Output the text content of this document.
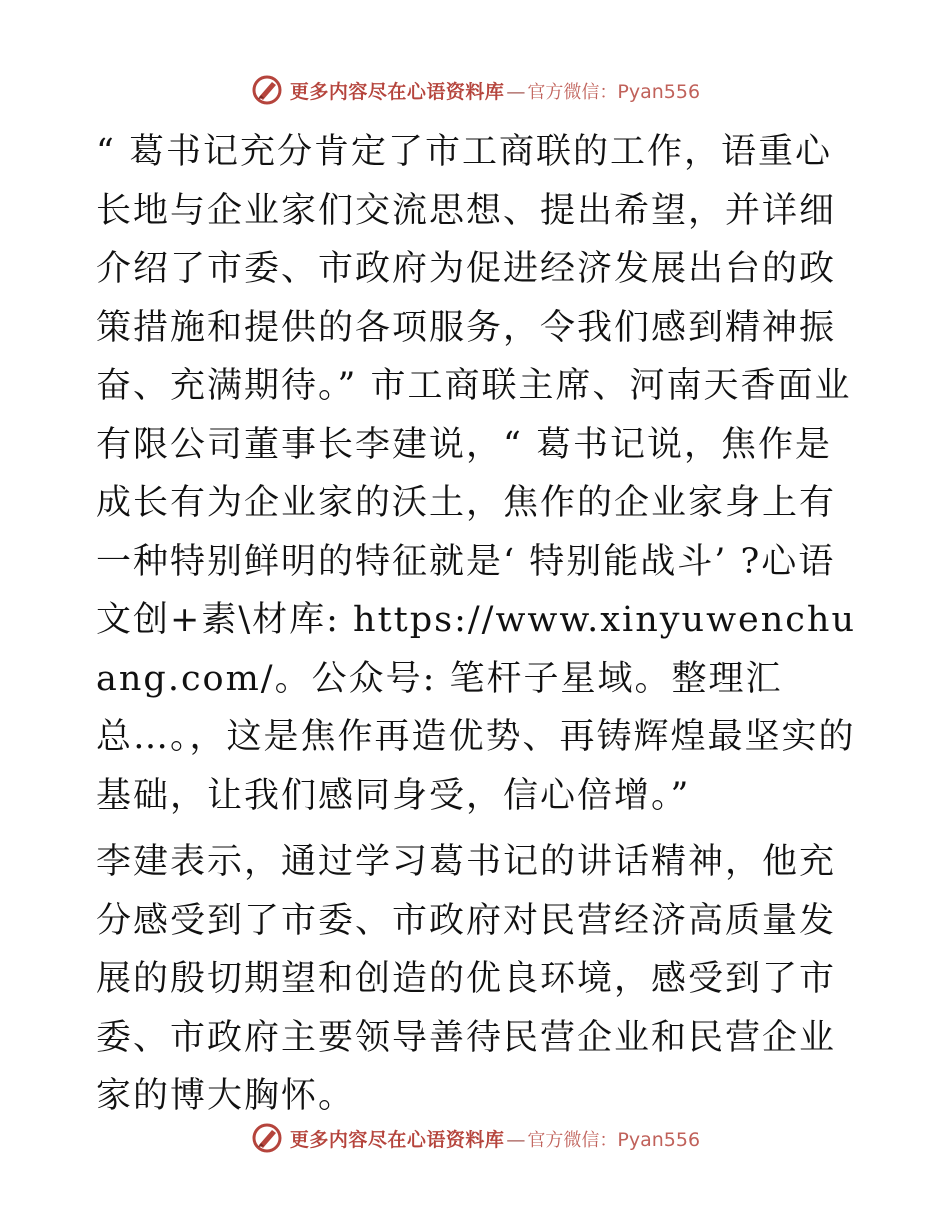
更多内容尽在心语资料库 — 官方微信： Pyan556

“ 葛书记充分肯定了市工商联的工作，语重心长地与企业家们交流思想、提出希望，并详细介绍了市委、市政府为促进经济发展出台的政策措施和提供的各项服务，令我们感到精神振奋、充满期待。” 市工商联主席、河南天香面业有限公司董事长李建说，“ 葛书记说，焦作是成长有为企业家的沃土，焦作的企业家身上有一种特别鲜明的特征就是‘ 特别能战斗’ ?心语文创+素\材库: https://www.xinyuwenchuang.com/。公众号: 笔杆子星域。整理汇总…。，这是焦作再造优势、再铸辉煌最坚实的基础，让我们感同身受，信心倍增。”

李建表示，通过学习葛书记的讲话精神，他充分感受到了市委、市政府对民营经济高质量发展的殷切期望和创造的优良环境，感受到了市委、市政府主要领导善待民营企业和民营企业家的博大胸怀。

更多内容尽在心语资料库 — 官方微信： Pyan556
